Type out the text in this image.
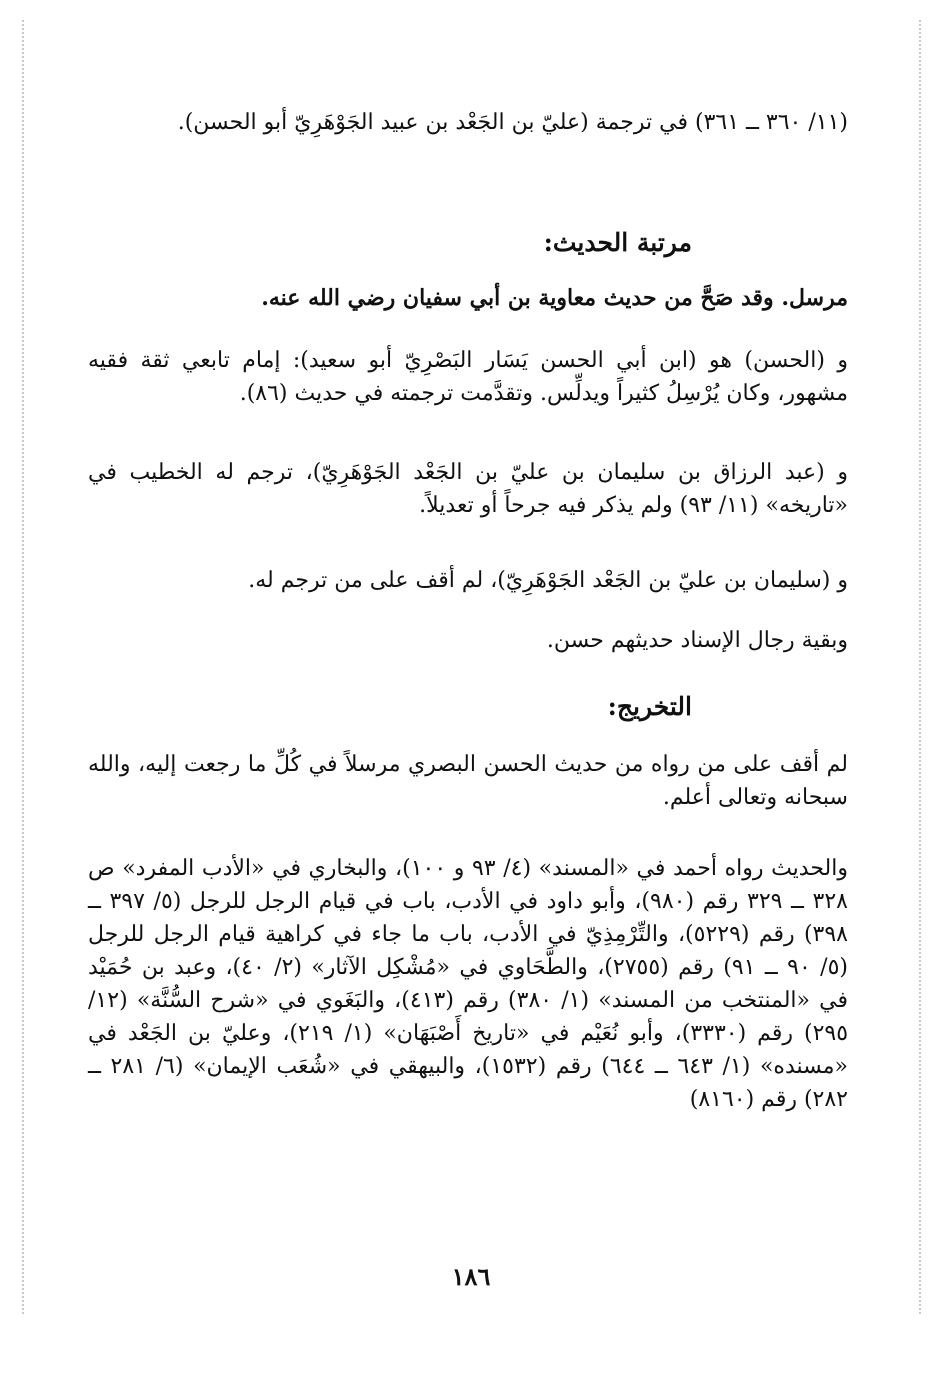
(١١/ ٣٦٠ ــ ٣٦١) في ترجمة (عليّ بن الجَعْد بن عبيد الجَوْهَرِيّ أبو الحسن).

مرتبة الحديث:

مرسل. وقد صَحَّ من حديث معاوية بن أبي سفيان رضي الله عنه.

و (الحسن) هو (ابن أبي الحسن يَسَار البَصْرِيّ أبو سعيد): إمام تابعي ثقة فقيه مشهور، وكان يُرْسِلُ كثيراً ويدلِّس. وتقدَّمت ترجمته في حديث (٨٦).

و (عبد الرزاق بن سليمان بن عليّ بن الجَعْد الجَوْهَرِيّ)، ترجم له الخطيب في «تاريخه» (١١/ ٩٣) ولم يذكر فيه جرحاً أو تعديلاً.

و (سليمان بن عليّ بن الجَعْد الجَوْهَرِيّ)، لم أقف على من ترجم له.

وبقية رجال الإسناد حديثهم حسن.

التخريج:

لم أقف على من رواه من حديث الحسن البصري مرسلاً في كُلِّ ما رجعت إليه، والله سبحانه وتعالى أعلم.

والحديث رواه أحمد في «المسند» (٤/ ٩٣ و ١٠٠)، والبخاري في «الأدب المفرد» ص ٣٢٨ ــ ٣٢٩ رقم (٩٨٠)، وأبو داود في الأدب، باب في قيام الرجل للرجل (٥/ ٣٩٧ ــ ٣٩٨) رقم (٥٢٢٩)، والتِّرْمِذِيّ في الأدب، باب ما جاء في كراهية قيام الرجل للرجل (٥/ ٩٠ ــ ٩١) رقم (٢٧٥٥)، والطَّحَاوي في «مُشْكِل الآثار» (٢/ ٤٠)، وعبد بن حُمَيْد في «المنتخب من المسند» (١/ ٣٨٠) رقم (٤١٣)، والبَغَوي في «شرح السُّنَّة» (١٢/ ٢٩٥) رقم (٣٣٣٠)، وأبو نُعَيْم في «تاريخ أَصْبَهَان» (١/ ٢١٩)، وعليّ بن الجَعْد في «مسنده» (١/ ٦٤٣ ــ ٦٤٤) رقم (١٥٣٢)، والبيهقي في «شُعَب الإيمان» (٦/ ٢٨١ ــ ٢٨٢) رقم (٨١٦٠)

١٨٦
